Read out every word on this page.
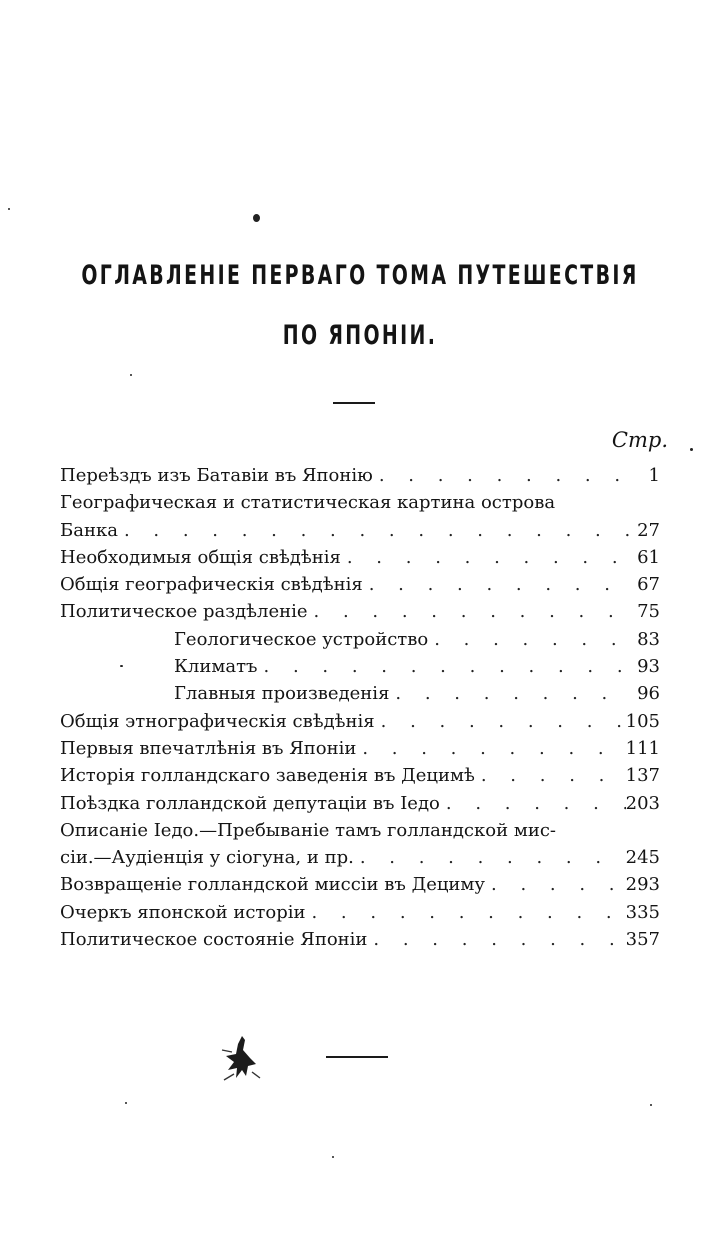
ОГЛАВЛЕНІЕ ПЕРВАГО ТОМА ПУТЕШЕСТВІЯ
ПО ЯПОНІИ.
Стр.
Переѣздъ изъ Батавіи въ Японію . . .	1
Географическая и статистическая картина острова
Банка . . .	27
Необходимыя общія свѣдѣнія . . .	61
Общія географическія свѣдѣнія . . .	67
Политическое раздѣленіе . . .	75
Геологическое устройство . . .	83
Климатъ . . .	93
Главныя произведенія . . .	96
Общія этнографическія свѣдѣнія . . .	105
Первыя впечатлѣнія въ Японіи . . .	111
Исторія голландскаго заведенія въ Децимѣ . . .	137
Поѣздка голландской депутаціи въ Іедо . . .	203
Описаніе Іедо.—Пребываніе тамъ голландской мис-
сіи.—Аудіенція у сіогуна, и пр. . . .	245
Возвращеніе голландской миссіи въ Дециму . . .	293
Очеркъ японской исторіи . . .	335
Политическое состояніе Японіи . . .	357
